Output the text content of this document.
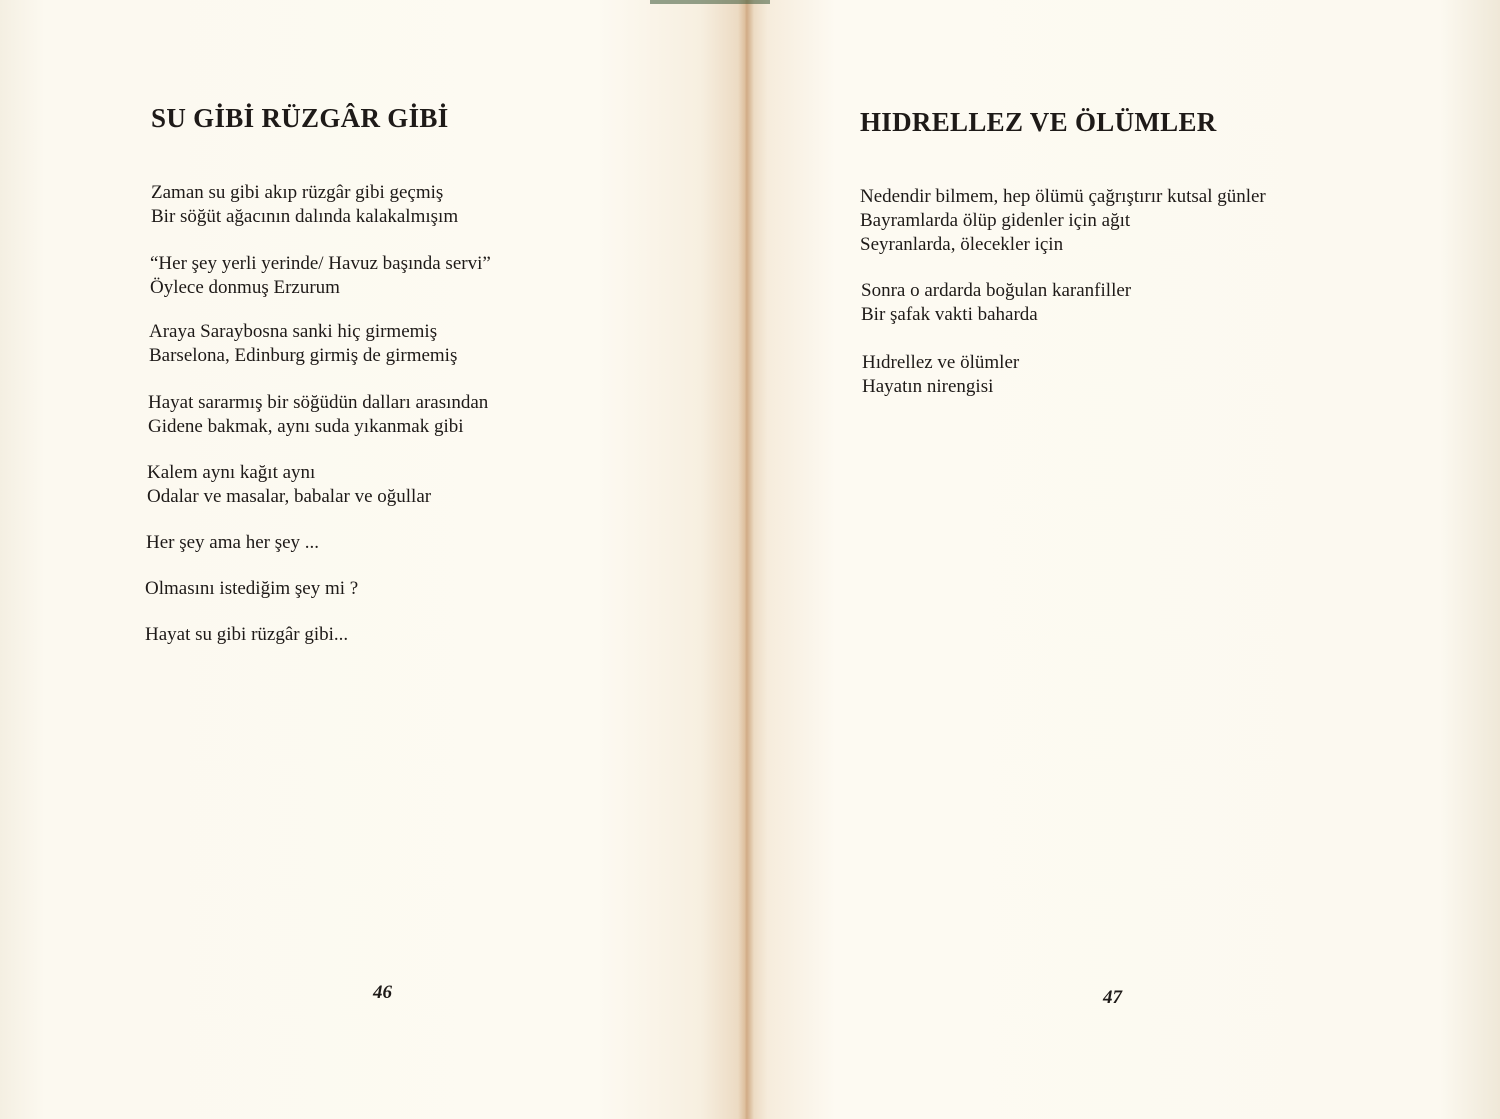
SU GİBİ RÜZGÂR GİBİ
Zaman su gibi akıp rüzgâr gibi geçmiş
Bir söğüt ağacının dalında kalakalmışım
“Her şey yerli yerinde/ Havuz başında servi”
Öylece donmuş Erzurum
Araya Saraybosna sanki hiç girmemiş
Barselona, Edinburg girmiş de girmemiş
Hayat sararmış bir söğüdün dalları arasından
Gidene bakmak, aynı suda yıkanmak gibi
Kalem aynı kağıt aynı
Odalar ve masalar, babalar ve oğullar
Her şey ama her şey ...
Olmasını istediğim şey mi ?
Hayat su gibi rüzgâr gibi...
46
HIDRELLEZ VE ÖLÜMLER
Nedendir bilmem, hep ölümü çağrıştırır kutsal günler
Bayramlarda ölüp gidenler için ağıt
Seyranlarda, ölecekler için
Sonra o ardarda boğulan karanfiller
Bir şafak vakti baharda
Hıdrellez ve ölümler
Hayatın nirengisi
47
